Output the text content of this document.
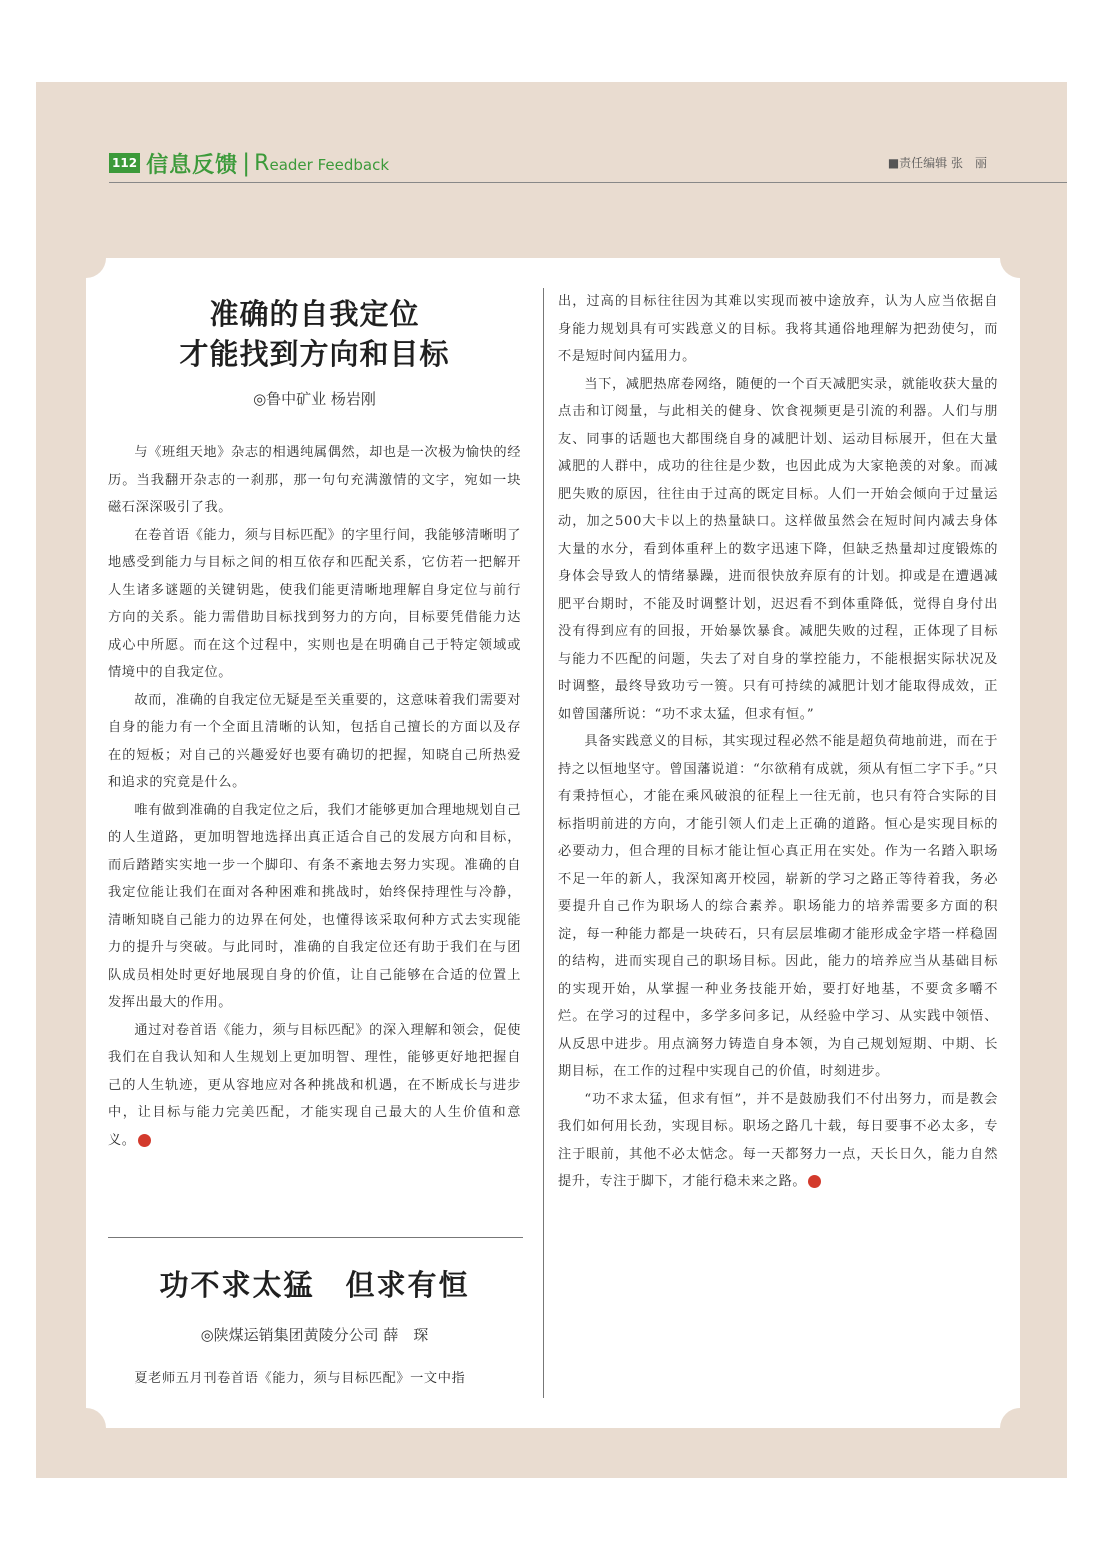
112 信息反馈 | Reader Feedback	■责任编辑 张　丽
准确的自我定位
才能找到方向和目标
◎鲁中矿业 杨岩刚

与《班组天地》杂志的相遇纯属偶然，却也是一次极为愉快的经历。当我翻开杂志的一刹那，那一句句充满激情的文字，宛如一块磁石深深吸引了我。

在卷首语《能力，须与目标匹配》的字里行间，我能够清晰明了地感受到能力与目标之间的相互依存和匹配关系，它仿若一把解开人生诸多谜题的关键钥匙，使我们能更清晰地理解自身定位与前行方向的关系。能力需借助目标找到努力的方向，目标要凭借能力达成心中所愿。而在这个过程中，实则也是在明确自己于特定领域或情境中的自我定位。

故而，准确的自我定位无疑是至关重要的，这意味着我们需要对自身的能力有一个全面且清晰的认知，包括自己擅长的方面以及存在的短板；对自己的兴趣爱好也要有确切的把握，知晓自己所热爱和追求的究竟是什么。

唯有做到准确的自我定位之后，我们才能够更加合理地规划自己的人生道路，更加明智地选择出真正适合自己的发展方向和目标，而后踏踏实实地一步一个脚印、有条不紊地去努力实现。准确的自我定位能让我们在面对各种困难和挑战时，始终保持理性与冷静，清晰知晓自己能力的边界在何处，也懂得该采取何种方式去实现能力的提升与突破。与此同时，准确的自我定位还有助于我们在与团队成员相处时更好地展现自身的价值，让自己能够在合适的位置上发挥出最大的作用。

通过对卷首语《能力，须与目标匹配》的深入理解和领会，促使我们在自我认知和人生规划上更加明智、理性，能够更好地把握自己的人生轨迹，更从容地应对各种挑战和机遇，在不断成长与进步中，让目标与能力完美匹配，才能实现自己最大的人生价值和意义。

功不求太猛　但求有恒
◎陕煤运销集团黄陵分公司 薛　琛

夏老师五月刊卷首语《能力，须与目标匹配》一文中指

出，过高的目标往往因为其难以实现而被中途放弃，认为人应当依据自身能力规划具有可实践意义的目标。我将其通俗地理解为把劲使匀，而不是短时间内猛用力。

当下，减肥热席卷网络，随便的一个百天减肥实录，就能收获大量的点击和订阅量，与此相关的健身、饮食视频更是引流的利器。人们与朋友、同事的话题也大都围绕自身的减肥计划、运动目标展开，但在大量减肥的人群中，成功的往往是少数，也因此成为大家艳羡的对象。而减肥失败的原因，往往由于过高的既定目标。人们一开始会倾向于过量运动，加之500大卡以上的热量缺口。这样做虽然会在短时间内减去身体大量的水分，看到体重秤上的数字迅速下降，但缺乏热量却过度锻炼的身体会导致人的情绪暴躁，进而很快放弃原有的计划。抑或是在遭遇减肥平台期时，不能及时调整计划，迟迟看不到体重降低，觉得自身付出没有得到应有的回报，开始暴饮暴食。减肥失败的过程，正体现了目标与能力不匹配的问题，失去了对自身的掌控能力，不能根据实际状况及时调整，最终导致功亏一篑。只有可持续的减肥计划才能取得成效，正如曾国藩所说：“功不求太猛，但求有恒。”

具备实践意义的目标，其实现过程必然不能是超负荷地前进，而在于持之以恒地坚守。曾国藩说道：“尔欲稍有成就，须从有恒二字下手。”只有秉持恒心，才能在乘风破浪的征程上一往无前，也只有符合实际的目标指明前进的方向，才能引领人们走上正确的道路。恒心是实现目标的必要动力，但合理的目标才能让恒心真正用在实处。作为一名踏入职场不足一年的新人，我深知离开校园，崭新的学习之路正等待着我，务必要提升自己作为职场人的综合素养。职场能力的培养需要多方面的积淀，每一种能力都是一块砖石，只有层层堆砌才能形成金字塔一样稳固的结构，进而实现自己的职场目标。因此，能力的培养应当从基础目标的实现开始，从掌握一种业务技能开始，要打好地基，不要贪多嚼不烂。在学习的过程中，多学多问多记，从经验中学习、从实践中领悟、从反思中进步。用点滴努力铸造自身本领，为自己规划短期、中期、长期目标，在工作的过程中实现自己的价值，时刻进步。

“功不求太猛，但求有恒”，并不是鼓励我们不付出努力，而是教会我们如何用长劲，实现目标。职场之路几十载，每日要事不必太多，专注于眼前，其他不必太惦念。每一天都努力一点，天长日久，能力自然提升，专注于脚下，才能行稳未来之路。
